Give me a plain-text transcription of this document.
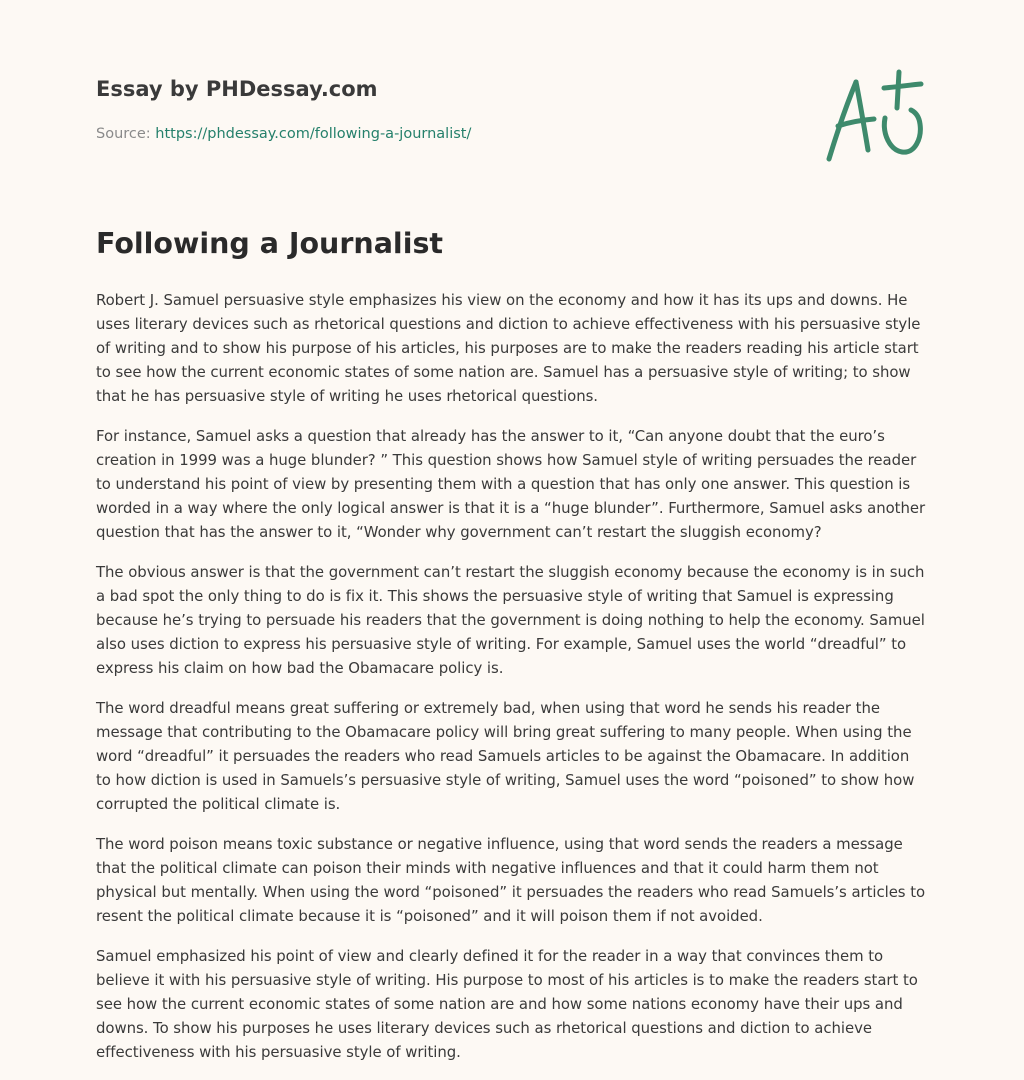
Essay by PHDessay.com
Source: https://phdessay.com/following-a-journalist/
Following a Journalist

Robert J. Samuel persuasive style emphasizes his view on the economy and how it has its ups and downs. He uses literary devices such as rhetorical questions and diction to achieve effectiveness with his persuasive style of writing and to show his purpose of his articles, his purposes are to make the readers reading his article start to see how the current economic states of some nation are. Samuel has a persuasive style of writing; to show that he has persuasive style of writing he uses rhetorical questions.

For instance, Samuel asks a question that already has the answer to it, “Can anyone doubt that the euro’s creation in 1999 was a huge blunder? ” This question shows how Samuel style of writing persuades the reader to understand his point of view by presenting them with a question that has only one answer. This question is worded in a way where the only logical answer is that it is a “huge blunder”. Furthermore, Samuel asks another question that has the answer to it, “Wonder why government can’t restart the sluggish economy?

The obvious answer is that the government can’t restart the sluggish economy because the economy is in such a bad spot the only thing to do is fix it. This shows the persuasive style of writing that Samuel is expressing because he’s trying to persuade his readers that the government is doing nothing to help the economy. Samuel also uses diction to express his persuasive style of writing. For example, Samuel uses the world “dreadful” to express his claim on how bad the Obamacare policy is.

The word dreadful means great suffering or extremely bad, when using that word he sends his reader the message that contributing to the Obamacare policy will bring great suffering to many people. When using the word “dreadful” it persuades the readers who read Samuels articles to be against the Obamacare. In addition to how diction is used in Samuels’s persuasive style of writing, Samuel uses the word “poisoned” to show how corrupted the political climate is.

The word poison means toxic substance or negative influence, using that word sends the readers a message that the political climate can poison their minds with negative influences and that it could harm them not physical but mentally. When using the word “poisoned” it persuades the readers who read Samuels’s articles to resent the political climate because it is “poisoned” and it will poison them if not avoided.

Samuel emphasized his point of view and clearly defined it for the reader in a way that convinces them to believe it with his persuasive style of writing. His purpose to most of his articles is to make the readers start to see how the current economic states of some nation are and how some nations economy have their ups and downs. To show his purposes he uses literary devices such as rhetorical questions and diction to achieve effectiveness with his persuasive style of writing.
